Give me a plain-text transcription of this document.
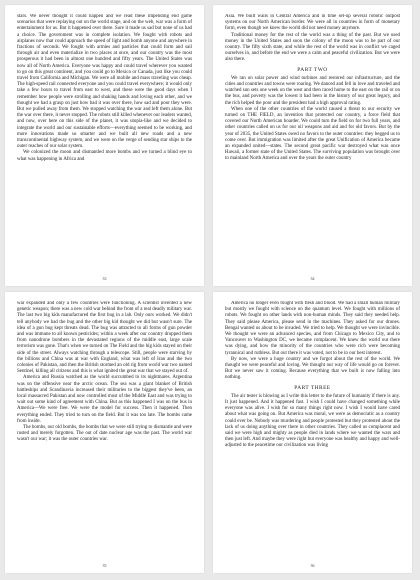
stars. We never thought it could happen and we read these impending end game scenarios that were replaying out on the world stage, and on the web, war was a form of entertainment for us. But it happened over there. Sure it made us sad but none of us had a choice. The government was in complete isolation. We fought with robots and airplanes now that could approach the speed of light and bomb anyone and anywhere in fractions of seconds. We fought with armies and particles that could form and sail through air and even materialize in two places at once, and our country was the most prosperous it had been in almost one hundred and fifty years. The United States was now all of North America. Everyone was happy and could travel wherever you wanted to go on this great continent, and you could go to Mexico or Canada, just like you could travel from California and Michigan. We were all mobile and mass traveling was cheap. The high-speed rail connected everyone and you could travel everywhere; it would only take a few hours to travel from east to west, and these were the good days when I remember how people were strolling and shaking hands and loving each other, and we thought we had a grasp on just how bad it was over there, how sad and poor they were. But we pulled away from them. We stopped watching the war and left them alone. But the war over there, it never stopped. The robots still killed whenever our leaders wanted, and now, over here on this side of the planet, it was utopia-like and we decided to integrate the world and our sustainable efforts—everything seemed to be working, and more innovations made us smarter and we built all new roads and a new transcontinental highway system, and we were on the verge of sending star ships to the outer reaches of our solar system.

We colonized the moon and dismantled more bombs and we turned a blind eye to what was happening in Africa and

33

Asia. We built walls in Central America and in time set-up several robotic outpost systems on our North American border. We were all in countries in form of monetary form, even though we knew the world did not need money anymore.

Traditional money for the rest of the world was a thing of the past. But we used money in the United States and soon the colony of the moon was to be part of our country. The fifty sixth state, and while the rest of the world was in conflict we caged ourselves in, and before the end we were a calm and peaceful civilization. But we were also there.

PART TWO

We ran on solar power and wind turbines and restored our infrastructure, and the cities and countries and towns were roaring. We danced and fell in love and traveled and watched sun sets one week on the west and then raced home to the east on the rail or on the bus, and poverty was the lowest it had been in the history of our great legacy, and the rich helped the poor and the president had a high approval rating.

When one of the other countries of the world caused a threat to our security we turned on THE FIELD, an invention that protected our country, a force field that covered our North American boarder. We could turn the field on for two full years, and other countries called on us for our oil weapons and aid and for old favors. But by the year of 2035, the United States owed no favors to the outer countries: they begged us to come over. But immigration was limited after the great Unification of America became an expanded united—states. The second great pacific war destroyed what was once Hawaii, a former state of the United States. The surviving population was brought over to mainland North America and over the years the outer country

34

war expanded and only a few countries were functioning. A scientist invented a new genetic weapon; there was a new cold war behind the front of a real deadly military war. The last two big kids manufactured the first bug in a lab. Only ours worked. We didn't tell anybody we had the bug and the other big kid thought we did but wasn't sure. The idea of a gun bug kept threats dead. The bug was attracted to all forms of gun powder and was immune to all known pesticides; within a week after our country dropped them from nanodrone bombers in the devastated regions of the middle east, large scale terrorism was gone. That's when we turned on The Field and the big kids stayed on their side of the street. Always watching through a telescope. Still, people were starving by the billions and China was at war with England, what was left of Iran and the two colonies of Pakistan, and then the British stormed an old rig from world war two named Sentinel, killing all citizens and this is what ignited the great war that we stayed out of.

America and Russia watched as the world succumbed to its nightmares. Argentina was on the offensive near the arctic ocean. The sea was a giant blanket of British battleships and Scandinavia increased their militaries to the biggest they've been, an local massacred Pakistan and now controlled most of the Middle East and was trying to wait out some kind of agreement with China. But as this happened I was on the bus in America—We were free. We were the model for success. Then it happened. Then everything ended. They tried to turn on the field. But it was too late. The bombs came from inside.

The bombs, our old bombs, the bombs that we were still trying to dismantle and were rusted and merely forgotten. The out of date nuclear age was the past. The world war wasn't our war; it was the outer countries war.

35

America no longer even fought with flesh and blood. We had a small human military but mostly we fought with science on the quantum level. We fought with millions of robots. We fought on other lands with non-human minds. They said they needed help. They said please America, please send in the machines. They asked for our drones. Bengal wanted us about to be invaded. We tried to help. We thought we were invincible. We thought we were an advanced species, and from Chicago to Mexico City, and to Vancouver to Washington DC, we became complacent. We knew the world out there was dying, and how the minority of the countries who were rich were becoming tyrannical and ruthless. But out there it was voted, not to be in our best interest.

By now, we were a huge country and we forgot about the rest of the world. We thought we were peaceful and loving. We thought our way of life would go on forever. But we never saw it coming. Because everything that we built is now falling into nothing.

PART THREE

The air tester is blowing as I write this letter to the future of humanity if there is any. It just happened. And it happened fast. I wish I could have changed something while everyone was alive. I wish for so many things right now. I wish I would have cared about what was going on. But America was moral, we were as democratic as a country could ever be. Nobody was murdering and people protested but they protested about the lack of us doing anything over there in other countries. They called us complacent and said we were high and mighty as people died in lands where we wanted the wars and then just left. And maybe they were right but everyone was healthy and happy and well-adjusted to the peacetime our civilization was living

36
